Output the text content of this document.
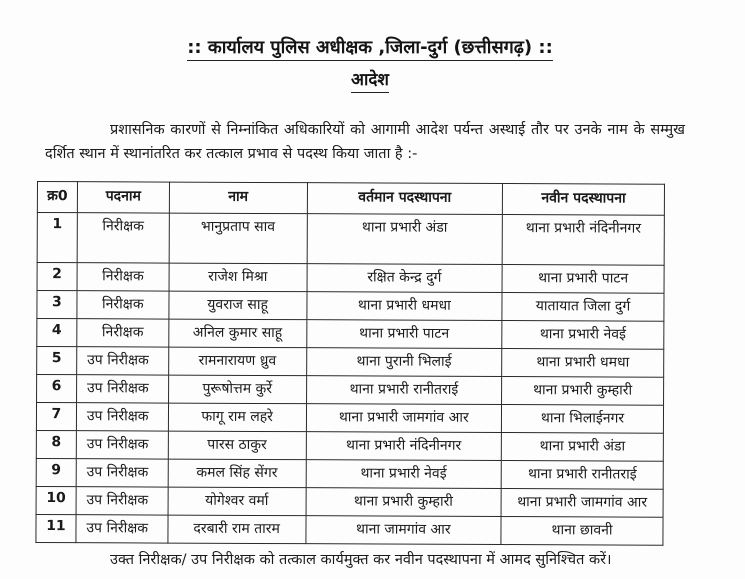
:: कार्यालय पुलिस अधीक्षक ,जिला-दुर्ग (छत्तीसगढ़) ::
आदेश
प्रशासनिक कारणों से निम्नांकित अधिकारियों को आगामी आदेश पर्यन्त अस्थाई तौर पर उनके नाम के सम्मुख दर्शित स्थान में स्थानांतरित कर तत्काल प्रभाव से पदस्थ किया जाता है :-
क्र0	पदनाम	नाम	वर्तमान पदस्थापना	नवीन पदस्थापना
1	निरीक्षक	भानुप्रताप साव	थाना प्रभारी अंडा	थाना प्रभारी नंदिनीनगर
2	निरीक्षक	राजेश मिश्रा	रक्षित केन्द्र दुर्ग	थाना प्रभारी पाटन
3	निरीक्षक	युवराज साहू	थाना प्रभारी धमधा	यातायात जिला दुर्ग
4	निरीक्षक	अनिल कुमार साहू	थाना प्रभारी पाटन	थाना प्रभारी नेवई
5	उप निरीक्षक	रामनारायण ध्रुव	थाना पुरानी भिलाई	थाना प्रभारी धमधा
6	उप निरीक्षक	पुरूषोत्तम कुर्रे	थाना प्रभारी रानीतराई	थाना प्रभारी कुम्हारी
7	उप निरीक्षक	फागू राम लहरे	थाना प्रभारी जामगांव आर	थाना भिलाईनगर
8	उप निरीक्षक	पारस ठाकुर	थाना प्रभारी नंदिनीनगर	थाना प्रभारी अंडा
9	उप निरीक्षक	कमल सिंह सेंगर	थाना प्रभारी नेवई	थाना प्रभारी रानीतराई
10	उप निरीक्षक	योगेश्वर वर्मा	थाना प्रभारी कुम्हारी	थाना प्रभारी जामगांव आर
11	उप निरीक्षक	दरबारी राम तारम	थाना जामगांव आर	थाना छावनी
उक्त निरीक्षक/ उप निरीक्षक को तत्काल कार्यमुक्त कर नवीन पदस्थापना में आमद सुनिश्चित करें।
